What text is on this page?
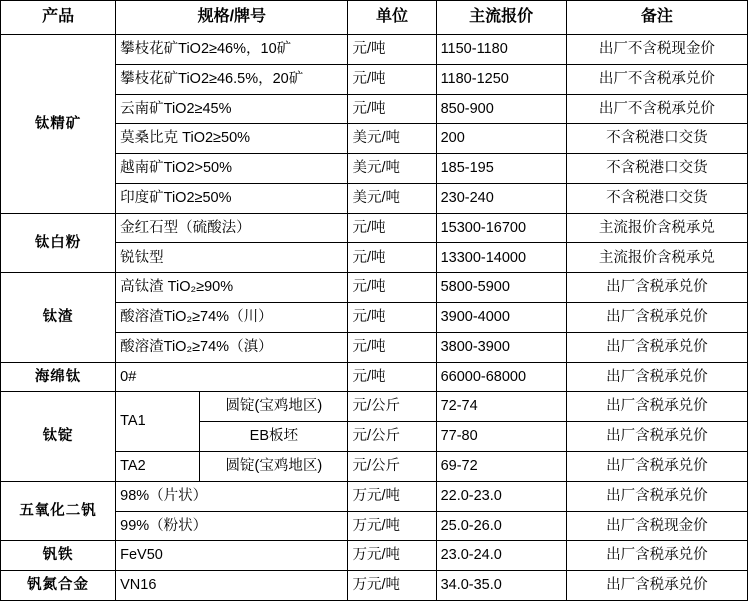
产品	规格/牌号		单位	主流报价	备注
钛精矿	攀枝花矿TiO2≥46%，10矿		元/吨	1150-1180	出厂不含税现金价
	攀枝花矿TiO2≥46.5%，20矿		元/吨	1180-1250	出厂不含税承兑价
	云南矿TiO2≥45%		元/吨	850-900	出厂不含税承兑价
	莫桑比克 TiO2≥50%		美元/吨	200	不含税港口交货
	越南矿TiO2>50%		美元/吨	185-195	不含税港口交货
	印度矿TiO2≥50%		美元/吨	230-240	不含税港口交货
钛白粉	金红石型（硫酸法）		元/吨	15300-16700	主流报价含税承兑
	锐钛型		元/吨	13300-14000	主流报价含税承兑
钛渣	高钛渣 TiO₂≥90%		元/吨	5800-5900	出厂含税承兑价
	酸溶渣TiO₂≥74%（川）		元/吨	3900-4000	出厂含税承兑价
	酸溶渣TiO₂≥74%（滇）		元/吨	3800-3900	出厂含税承兑价
海绵钛	0#		元/吨	66000-68000	出厂含税承兑价
钛锭	TA1	圆锭(宝鸡地区)	元/公斤	72-74	出厂含税承兑价
		EB板坯	元/公斤	77-80	出厂含税承兑价
	TA2	圆锭(宝鸡地区)	元/公斤	69-72	出厂含税承兑价
五氧化二钒	98%（片状）		万元/吨	22.0-23.0	出厂含税承兑价
	99%（粉状）		万元/吨	25.0-26.0	出厂含税现金价
钒铁	FeV50		万元/吨	23.0-24.0	出厂含税承兑价
钒氮合金	VN16		万元/吨	34.0-35.0	出厂含税承兑价
